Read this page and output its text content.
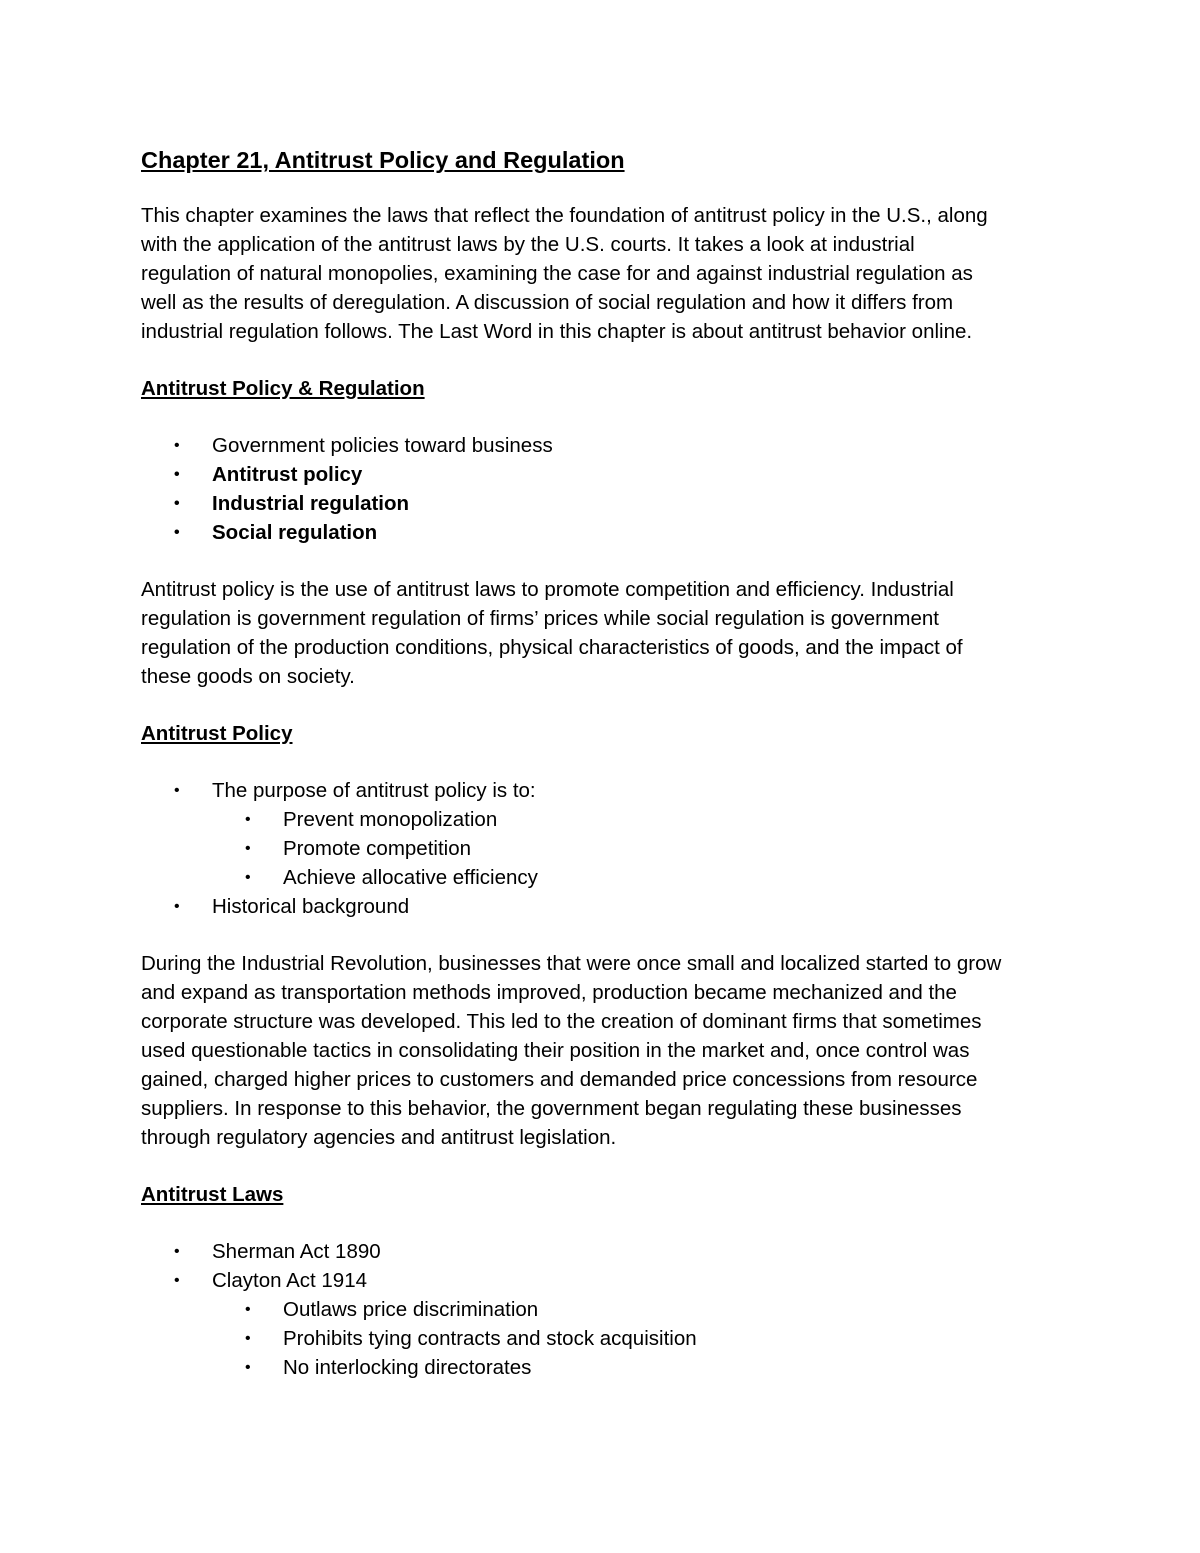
Chapter 21, Antitrust Policy and Regulation

This chapter examines the laws that reflect the foundation of antitrust policy in the U.S., along
with the application of the antitrust laws by the U.S. courts. It takes a look at industrial
regulation of natural monopolies, examining the case for and against industrial regulation as
well as the results of deregulation. A discussion of social regulation and how it differs from
industrial regulation follows. The Last Word in this chapter is about antitrust behavior online.

Antitrust Policy & Regulation
• Government policies toward business
• Antitrust policy
• Industrial regulation
• Social regulation

Antitrust policy is the use of antitrust laws to promote competition and efficiency. Industrial
regulation is government regulation of firms’ prices while social regulation is government
regulation of the production conditions, physical characteristics of goods, and the impact of
these goods on society.

Antitrust Policy
• The purpose of antitrust policy is to:
• Prevent monopolization
• Promote competition
• Achieve allocative efficiency
• Historical background

During the Industrial Revolution, businesses that were once small and localized started to grow
and expand as transportation methods improved, production became mechanized and the
corporate structure was developed. This led to the creation of dominant firms that sometimes
used questionable tactics in consolidating their position in the market and, once control was
gained, charged higher prices to customers and demanded price concessions from resource
suppliers. In response to this behavior, the government began regulating these businesses
through regulatory agencies and antitrust legislation.

Antitrust Laws
• Sherman Act 1890
• Clayton Act 1914
• Outlaws price discrimination
• Prohibits tying contracts and stock acquisition
• No interlocking directorates
